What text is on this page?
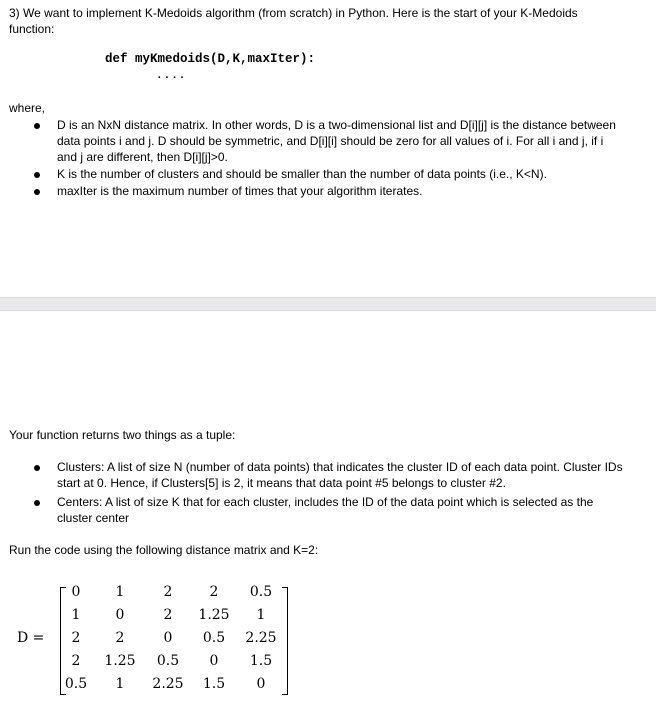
3) We want to implement K-Medoids algorithm (from scratch) in Python. Here is the start of your K-Medoids
function:
def myKmedoids(D,K,maxIter):
....
where,
D is an NxN distance matrix. In other words, D is a two-dimensional list and D[i][j] is the distance between
data points i and j. D should be symmetric, and D[i][i] should be zero for all values of i. For all i and j, if i
and j are different, then D[i][j]>0.
K is the number of clusters and should be smaller than the number of data points (i.e., K<N).
maxIter is the maximum number of times that your algorithm iterates.
Your function returns two things as a tuple:
Clusters: A list of size N (number of data points) that indicates the cluster ID of each data point. Cluster IDs
start at 0. Hence, if Clusters[5] is 2, it means that data point #5 belongs to cluster #2.
Centers: A list of size K that for each cluster, includes the ID of the data point which is selected as the
cluster center
Run the code using the following distance matrix and K=2:
D =
0	1	2	2	0.5
1	0	2	1.25	1
2	2	0	0.5	2.25
2	1.25	0.5	0	1.5
0.5	1	2.25	1.5	0
